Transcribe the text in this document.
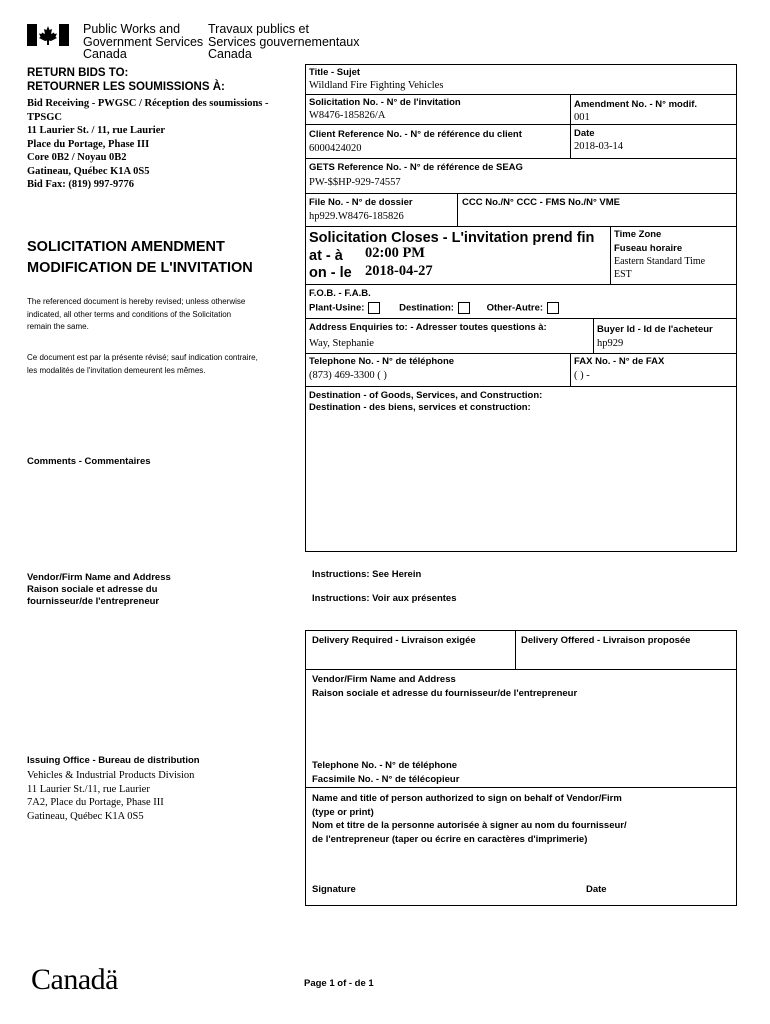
Public Works and
Government Services
Canada
Travaux publics et
Services gouvernementaux
Canada
RETURN BIDS TO:
RETOURNER LES SOUMISSIONS À:
Bid Receiving - PWGSC / Réception des soumissions -
TPSGC
11 Laurier St. / 11, rue Laurier
Place du Portage, Phase III
Core 0B2 / Noyau 0B2
Gatineau, Québec K1A 0S5
Bid Fax: (819) 997-9776
SOLICITATION AMENDMENT
MODIFICATION DE L'INVITATION
The referenced document is hereby revised; unless otherwise
indicated, all other terms and conditions of the Solicitation
remain the same.
Ce document est par la présente révisé; sauf indication contraire,
les modalités de l'invitation demeurent les mêmes.
Title - Sujet
Wildland Fire Fighting Vehicles
Solicitation No. - N° de l'invitation
W8476-185826/A
Amendment No. - N° modif.
001
Client Reference No. - N° de référence du client
6000424020
Date
2018-03-14
GETS Reference No. - N° de référence de SEAG
PW-$$HP-929-74557
File No. - N° de dossier
hp929.W8476-185826
CCC No./N° CCC - FMS No./N° VME
Solicitation Closes - L'invitation prend fin
at - à 02:00 PM
on - le 2018-04-27
Time Zone
Fuseau horaire
Eastern Standard Time
EST
F.O.B. - F.A.B.
Plant-Usine:	Destination:	Other-Autre:
Address Enquiries to: - Adresser toutes questions à:
Way, Stephanie
Buyer Id - Id de l'acheteur
hp929
Telephone No. - N° de téléphone
(873) 469-3300 ( )
FAX No. - N° de FAX
( ) -
Destination - of Goods, Services, and Construction:
Destination - des biens, services et construction:
Comments - Commentaires
Vendor/Firm Name and Address
Raison sociale et adresse du
fournisseur/de l'entrepreneur
Instructions: See Herein
Instructions: Voir aux présentes
Delivery Required - Livraison exigée	Delivery Offered - Livraison proposée
Vendor/Firm Name and Address
Raison sociale et adresse du fournisseur/de l'entrepreneur
Telephone No. - N° de téléphone
Facsimile No. - N° de télécopieur
Name and title of person authorized to sign on behalf of Vendor/Firm
(type or print)
Nom et titre de la personne autorisée à signer au nom du fournisseur/
de l'entrepreneur (taper ou écrire en caractères d'imprimerie)
Signature	Date
Issuing Office - Bureau de distribution
Vehicles & Industrial Products Division
11 Laurier St./11, rue Laurier
7A2, Place du Portage, Phase III
Gatineau, Québec K1A 0S5
Canadä	Page 1 of - de 1
